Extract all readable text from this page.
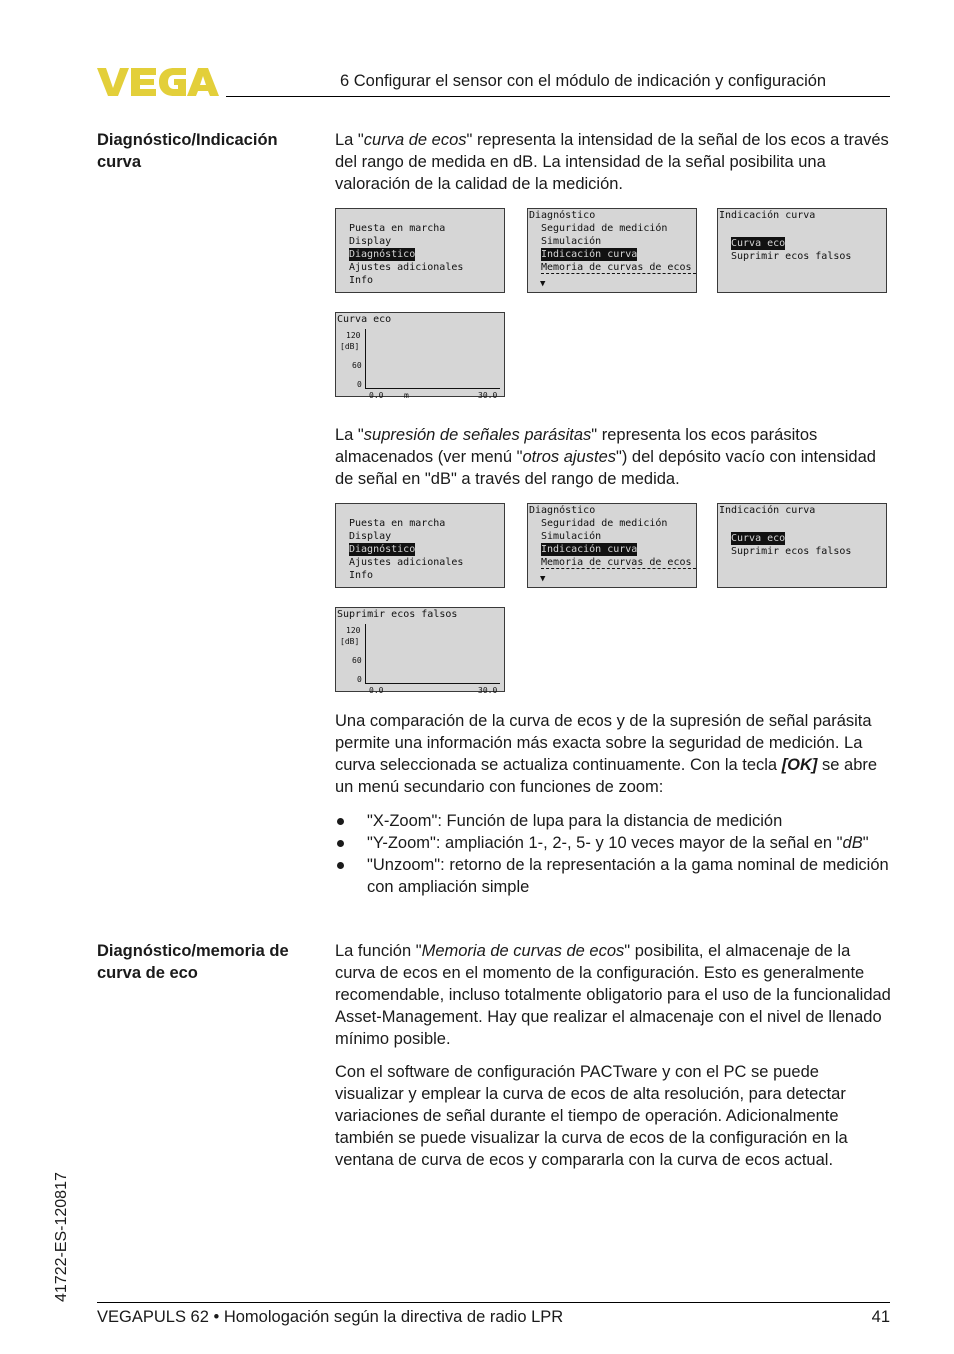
6 Configurar el sensor con el módulo de indicación y configuración
Diagnóstico/Indicación curva

La "curva de ecos" representa la intensidad de la señal de los ecos a través del rango de medida en dB. La intensidad de la señal posibilita una valoración de la calidad de la medición.

Puesta en marcha
Display
Diagnóstico
Ajustes adicionales
Info
Diagnóstico
Seguridad de medición
Simulación
Indicación curva
Memoria de curvas de ecos
▼
Indicación curva
Curva eco
Suprimir ecos falsos
Curva eco
120
[dB]
60
0
0.0	m	30.0

La "supresión de señales parásitas" representa los ecos parásitos almacenados (ver menú "otros ajustes") del depósito vacío con intensidad de señal en "dB" a través del rango de medida.

Puesta en marcha
Display
Diagnóstico
Ajustes adicionales
Info
Diagnóstico
Seguridad de medición
Simulación
Indicación curva
Memoria de curvas de ecos
▼
Indicación curva
Curva eco
Suprimir ecos falsos
Suprimir ecos falsos
120
[dB]
60
0
0.0	30.0

Una comparación de la curva de ecos y de la supresión de señal parásita permite una información más exacta sobre la seguridad de medición. La curva seleccionada se actualiza continuamente. Con la tecla [OK] se abre un menú secundario con funciones de zoom:

"X-Zoom": Función de lupa para la distancia de medición
"Y-Zoom": ampliación 1-, 2-, 5- y 10 veces mayor de la señal en "dB"
"Unzoom": retorno de la representación a la gama nominal de medición con ampliación simple
Diagnóstico/memoria de curva de eco

La función "Memoria de curvas de ecos" posibilita, el almacenaje de la curva de ecos en el momento de la configuración. Esto es generalmente recomendable, incluso totalmente obligatorio para el uso de la funcionalidad Asset-Management. Hay que realizar el almacenaje con el nivel de llenado mínimo posible.

Con el software de configuración PACTware y con el PC se puede visualizar y emplear la curva de ecos de alta resolución, para detectar variaciones de señal durante el tiempo de operación. Adicionalmente también se puede visualizar la curva de ecos de la configuración en la ventana de curva de ecos y compararla con la curva de ecos actual.

41722-ES-120817
VEGAPULS 62 • Homologación según la directiva de radio LPR	41
